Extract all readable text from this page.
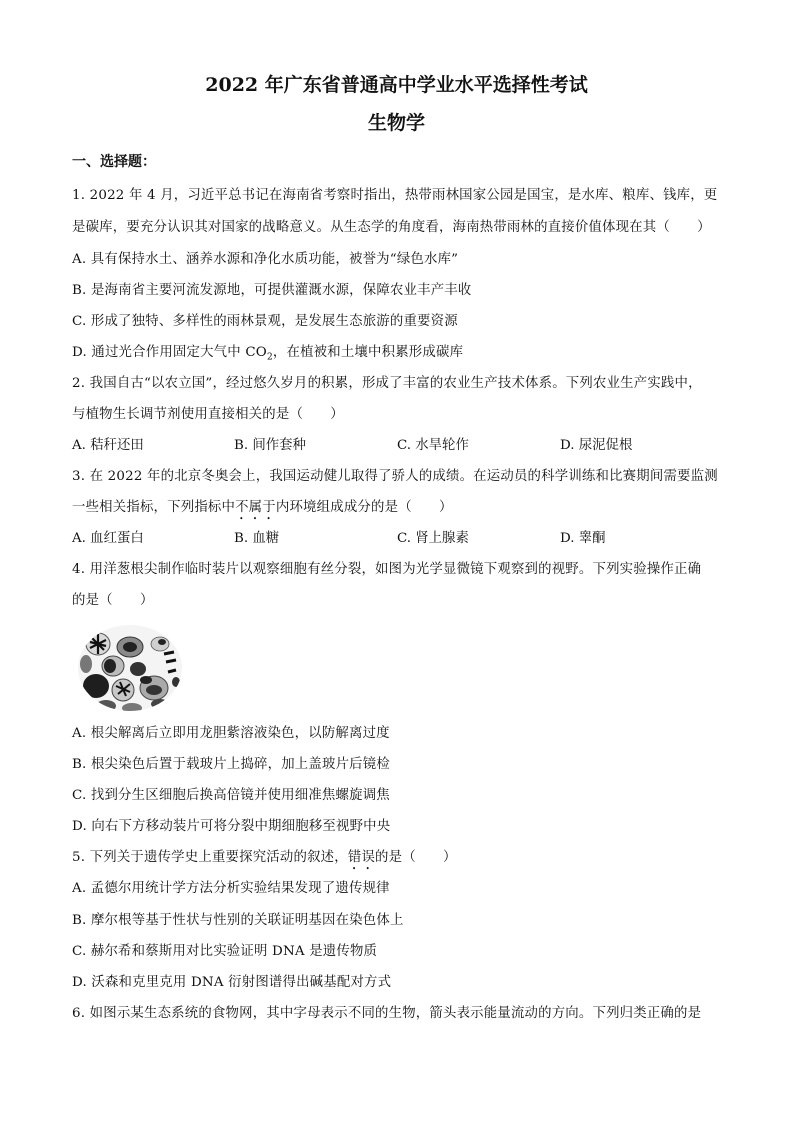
2022 年广东省普通高中学业水平选择性考试
生物学
一、选择题：
1. 2022 年 4 月，习近平总书记在海南省考察时指出，热带雨林国家公园是国宝，是水库、粮库、钱库，更
是碳库，要充分认识其对国家的战略意义。从生态学的角度看，海南热带雨林的直接价值体现在其（　　）
A. 具有保持水土、涵养水源和净化水质功能，被誉为“绿色水库”
B. 是海南省主要河流发源地，可提供灌溉水源，保障农业丰产丰收
C. 形成了独特、多样性的雨林景观，是发展生态旅游的重要资源
D. 通过光合作用固定大气中 $CO_2$，在植被和土壤中积累形成碳库
2. 我国自古“以农立国”，经过悠久岁月的积累，形成了丰富的农业生产技术体系。下列农业生产实践中，
与植物生长调节剂使用直接相关的是（　　）
A. 秸秆还田	B. 间作套种	C. 水旱轮作	D. 尿泥促根
3. 在 2022 年的北京冬奥会上，我国运动健儿取得了骄人的成绩。在运动员的科学训练和比赛期间需要监测
一些相关指标，下列指标中不属于内环境组成成分的是（　　）
A. 血红蛋白	B. 血糖	C. 肾上腺素	D. 睾酮
4. 用洋葱根尖制作临时装片以观察细胞有丝分裂，如图为光学显微镜下观察到的视野。下列实验操作正确
的是（　　）
A. 根尖解离后立即用龙胆紫溶液染色，以防解离过度
B. 根尖染色后置于载玻片上捣碎，加上盖玻片后镜检
C. 找到分生区细胞后换高倍镜并使用细准焦螺旋调焦
D. 向右下方移动装片可将分裂中期细胞移至视野中央
5. 下列关于遗传学史上重要探究活动的叙述，错误的是（　　）
A. 孟德尔用统计学方法分析实验结果发现了遗传规律
B. 摩尔根等基于性状与性别的关联证明基因在染色体上
C. 赫尔希和蔡斯用对比实验证明 DNA 是遗传物质
D. 沃森和克里克用 DNA 衍射图谱得出碱基配对方式
6. 如图示某生态系统的食物网，其中字母表示不同的生物，箭头表示能量流动的方向。下列归类正确的是
